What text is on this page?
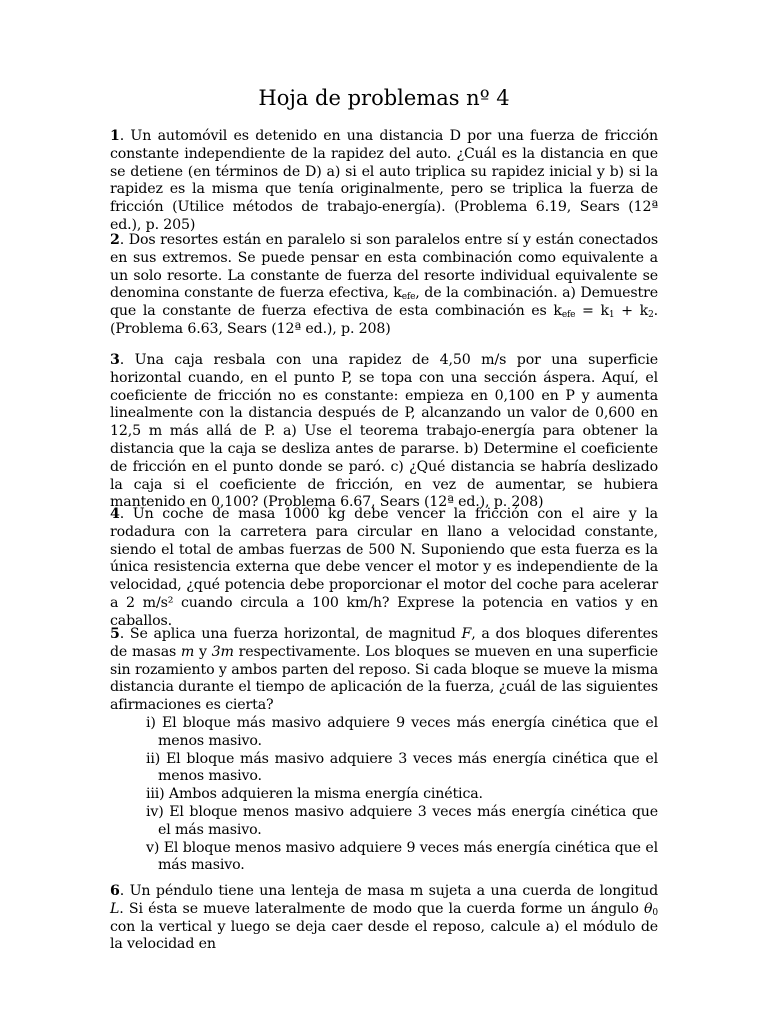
Hoja de problemas nº 4

1. Un automóvil es detenido en una distancia D por una fuerza de fricción constante independiente de la rapidez del auto. ¿Cuál es la distancia en que se detiene (en términos de D) a) si el auto triplica su rapidez inicial y b) si la rapidez es la misma que tenía originalmente, pero se triplica la fuerza de fricción (Utilice métodos de trabajo-energía). (Problema 6.19, Sears (12ª ed.), p. 205)

2. Dos resortes están en paralelo si son paralelos entre sí y están conectados en sus extremos. Se puede pensar en esta combinación como equivalente a un solo resorte. La constante de fuerza del resorte individual equivalente se denomina constante de fuerza efectiva, $k_{efe}$, de la combinación. a) Demuestre que la constante de fuerza efectiva de esta combinación es $k_{efe} = k_1 + k_2$. (Problema 6.63, Sears (12ª ed.), p. 208)

3. Una caja resbala con una rapidez de 4,50 m/s por una superficie horizontal cuando, en el punto P, se topa con una sección áspera. Aquí, el coeficiente de fricción no es constante: empieza en 0,100 en P y aumenta linealmente con la distancia después de P, alcanzando un valor de 0,600 en 12,5 m más allá de P. a) Use el teorema trabajo-energía para obtener la distancia que la caja se desliza antes de pararse. b) Determine el coeficiente de fricción en el punto donde se paró. c) ¿Qué distancia se habría deslizado la caja si el coeficiente de fricción, en vez de aumentar, se hubiera mantenido en 0,100? (Problema 6.67, Sears (12ª ed.), p. 208)

4. Un coche de masa 1000 kg debe vencer la fricción con el aire y la rodadura con la carretera para circular en llano a velocidad constante, siendo el total de ambas fuerzas de 500 N. Suponiendo que esta fuerza es la única resistencia externa que debe vencer el motor y es independiente de la velocidad, ¿qué potencia debe proporcionar el motor del coche para acelerar a 2 m/s² cuando circula a 100 km/h? Exprese la potencia en vatios y en caballos.

5. Se aplica una fuerza horizontal, de magnitud F, a dos bloques diferentes de masas m y 3m respectivamente. Los bloques se mueven en una superficie sin rozamiento y ambos parten del reposo. Si cada bloque se mueve la misma distancia durante el tiempo de aplicación de la fuerza, ¿cuál de las siguientes afirmaciones es cierta?

i) El bloque más masivo adquiere 9 veces más energía cinética que el menos masivo.
ii) El bloque más masivo adquiere 3 veces más energía cinética que el menos masivo.
iii) Ambos adquieren la misma energía cinética.
iv) El bloque menos masivo adquiere 3 veces más energía cinética que el más masivo.
v) El bloque menos masivo adquiere 9 veces más energía cinética que el más masivo.

6. Un péndulo tiene una lenteja de masa m sujeta a una cuerda de longitud L. Si ésta se mueve lateralmente de modo que la cuerda forme un ángulo $\theta_0$ con la vertical y luego se deja caer desde el reposo, calcule a) el módulo de la velocidad en
